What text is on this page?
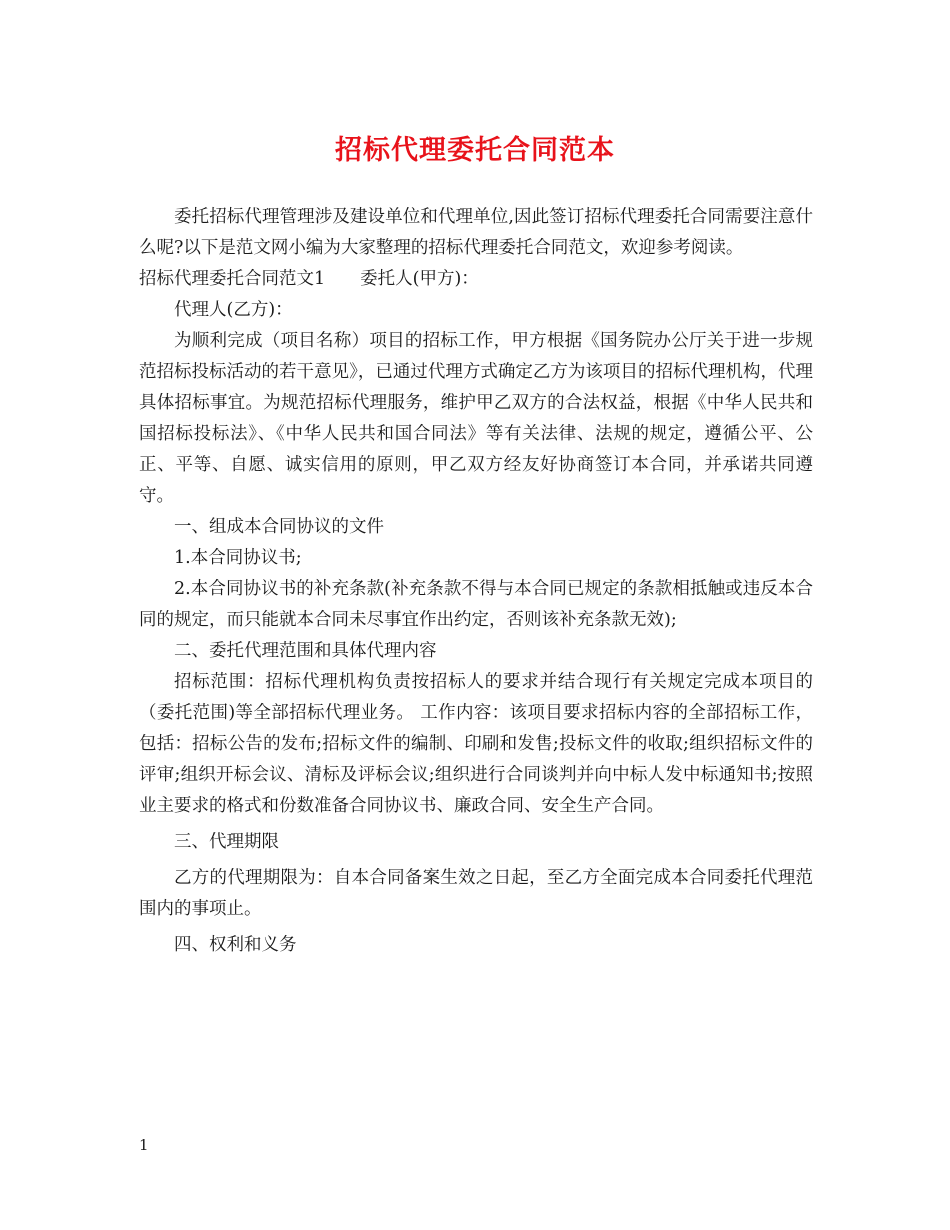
招标代理委托合同范本

委托招标代理管理涉及建设单位和代理单位,因此签订招标代理委托合同需要注意什么呢?以下是范文网小编为大家整理的招标代理委托合同范文，欢迎参考阅读。

招标代理委托合同范文1　　委托人(甲方)：

代理人(乙方)：

为顺利完成（项目名称）项目的招标工作，甲方根据《国务院办公厅关于进一步规范招标投标活动的若干意见》，已通过代理方式确定乙方为该项目的招标代理机构，代理具体招标事宜。为规范招标代理服务，维护甲乙双方的合法权益，根据《中华人民共和国招标投标法》、《中华人民共和国合同法》等有关法律、法规的规定，遵循公平、公正、平等、自愿、诚实信用的原则，甲乙双方经友好协商签订本合同，并承诺共同遵守。

一、组成本合同协议的文件

1.本合同协议书;

2.本合同协议书的补充条款(补充条款不得与本合同已规定的条款相抵触或违反本合同的规定，而只能就本合同未尽事宜作出约定，否则该补充条款无效);

二、委托代理范围和具体代理内容

招标范围：招标代理机构负责按招标人的要求并结合现行有关规定完成本项目的（委托范围)等全部招标代理业务。 工作内容：该项目要求招标内容的全部招标工作，包括：招标公告的发布;招标文件的编制、印刷和发售;投标文件的收取;组织招标文件的评审;组织开标会议、清标及评标会议;组织进行合同谈判并向中标人发中标通知书;按照业主要求的格式和份数准备合同协议书、廉政合同、安全生产合同。

三、代理期限

乙方的代理期限为：自本合同备案生效之日起，至乙方全面完成本合同委托代理范围内的事项止。

四、权利和义务

1
